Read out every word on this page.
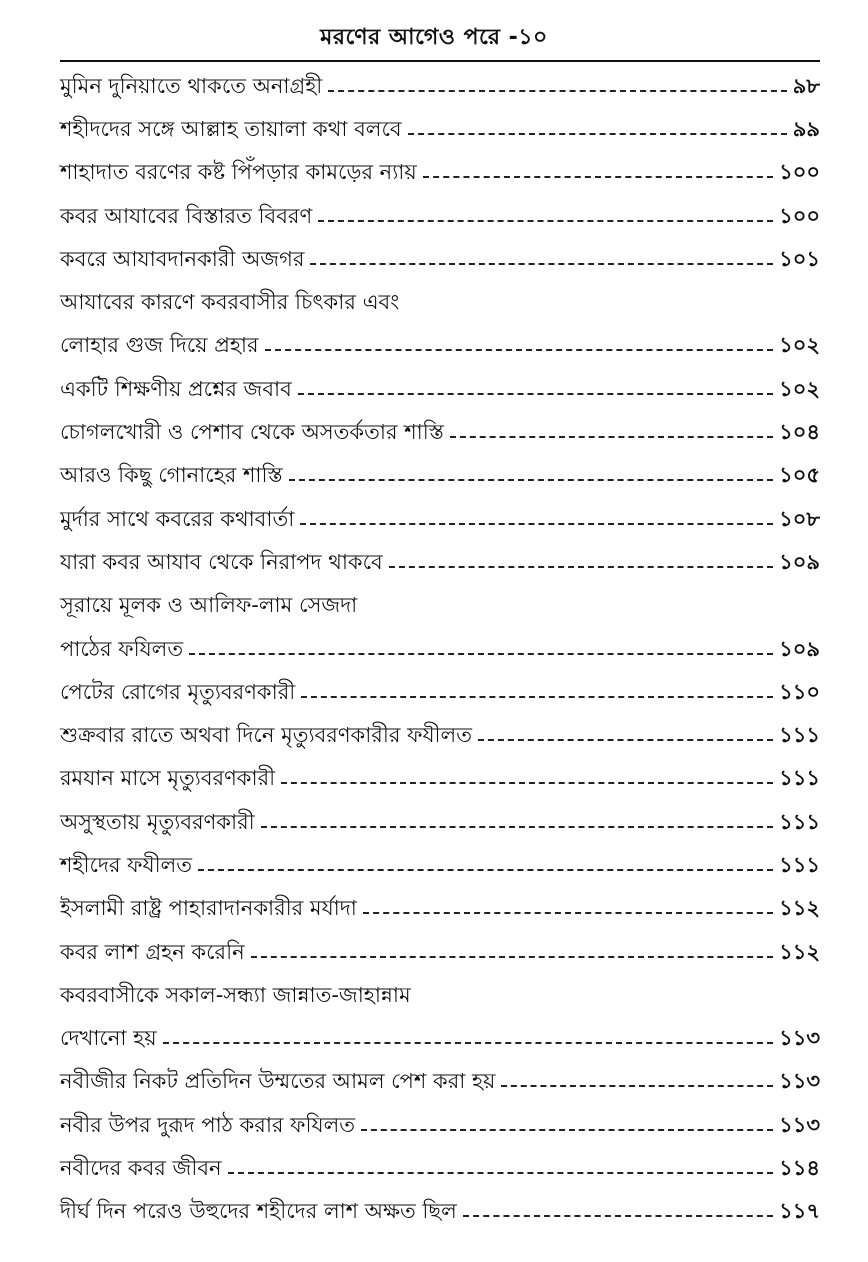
মরণের আগেও পরে -১০
মুমিন দুনিয়াতে থাকতে অনাগ্রহী	৯৮
শহীদদের সঙ্গে আল্লাহ তায়ালা কথা বলবে	৯৯
শাহাদাত বরণের কষ্ট পিঁপড়ার কামড়ের ন্যায়	১০০
কবর আযাবের বিস্তারত বিবরণ	১০০
কবরে আযাবদানকারী অজগর	১০১
আযাবের কারণে কবরবাসীর চিৎকার এবং
লোহার গুজ দিয়ে প্রহার	১০২
একটি শিক্ষণীয় প্রশ্নের জবাব	১০২
চোগলখোরী ও পেশাব থেকে অসতর্কতার শাস্তি	১০৪
আরও কিছু গোনাহের শাস্তি	১০৫
মুর্দার সাথে কবরের কথাবার্তা	১০৮
যারা কবর আযাব থেকে নিরাপদ থাকবে	১০৯
সূরায়ে মূলক ও আলিফ-লাম সেজদা
পাঠের ফযিলত	১০৯
পেটের রোগের মৃত্যুবরণকারী	১১০
শুক্রবার রাতে অথবা দিনে মৃত্যুবরণকারীর ফযীলত	১১১
রমযান মাসে মৃত্যুবরণকারী	১১১
অসুস্থতায় মৃত্যুবরণকারী	১১১
শহীদের ফযীলত	১১১
ইসলামী রাষ্ট্র পাহারাদানকারীর মর্যাদা	১১২
কবর লাশ গ্রহন করেনি	১১২
কবরবাসীকে সকাল-সন্ধ্যা জান্নাত-জাহান্নাম
দেখানো হয়	১১৩
নবীজীর নিকট প্রতিদিন উম্মতের আমল পেশ করা হয়	১১৩
নবীর উপর দুরূদ পাঠ করার ফযিলত	১১৩
নবীদের কবর জীবন	১১৪
দীর্ঘ দিন পরেও উহুদের শহীদের লাশ অক্ষত ছিল	১১৭
